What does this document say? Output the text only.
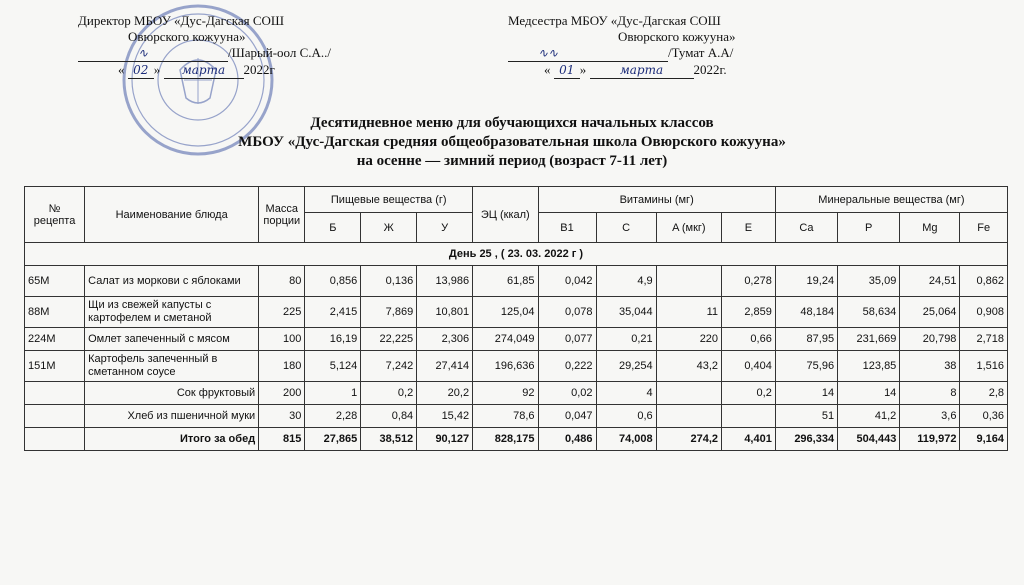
Директор МБОУ «Дус-Дагская СОШ
Овюрского кожууна»
∿	/Шарый-оол С.А../
« 02 » марта 2022г
Медсестра МБОУ «Дус-Дагская СОШ
Овюрского кожууна»
∿∿	/Тумат А.А/
« 01 »	марта 2022г.
Десятидневное меню для обучающихся начальных классов
МБОУ «Дус-Дагская средняя общеобразовательная школа Овюрского кожууна»
на осенне — зимний период (возраст 7-11 лет)
№ рецепта	Наименование блюда	Масса порции	Пищевые вещества (г)			ЭЦ (ккал)	Витамины (мг)				Минеральные вещества (мг)			
			Б	Ж	У		B1	C	A (мкг)	E	Ca	P	Mg	Fe
День 25 , ( 23. 03. 2022 г )														
65М	Салат из моркови с яблоками	80	0,856	0,136	13,986	61,85	0,042	4,9		0,278	19,24	35,09	24,51	0,862
88М	Щи из свежей капусты с картофелем и сметаной	225	2,415	7,869	10,801	125,04	0,078	35,044	11	2,859	48,184	58,634	25,064	0,908
224М	Омлет запеченный с мясом	100	16,19	22,225	2,306	274,049	0,077	0,21	220	0,66	87,95	231,669	20,798	2,718
151М	Картофель запеченный в сметанном соусе	180	5,124	7,242	27,414	196,636	0,222	29,254	43,2	0,404	75,96	123,85	38	1,516
	Сок фруктовый	200	1	0,2	20,2	92	0,02	4		0,2	14	14	8	2,8
	Хлеб из пшеничной муки	30	2,28	0,84	15,42	78,6	0,047	0,6			51	41,2	3,6	0,36
	Итого за обед	815	27,865	38,512	90,127	828,175	0,486	74,008	274,2	4,401	296,334	504,443	119,972	9,164
